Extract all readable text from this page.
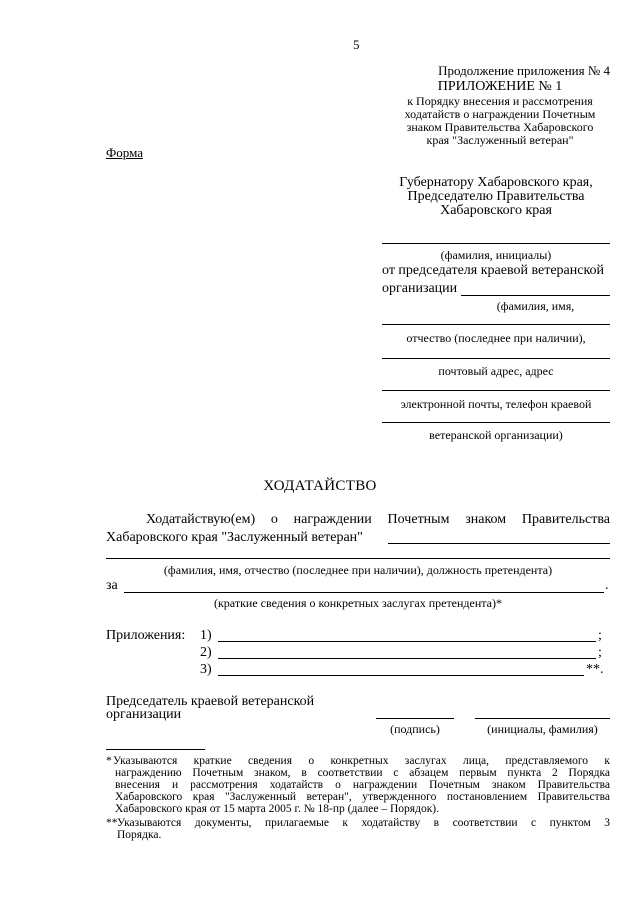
5
Продолжение приложения № 4
ПРИЛОЖЕНИЕ № 1
к Порядку внесения и рассмотрения
ходатайств о награждении Почетным
знаком Правительства Хабаровского
края "Заслуженный ветеран"
Форма
Губернатору Хабаровского края,
Председателю Правительства
Хабаровского края
(фамилия, инициалы)
от председателя краевой ветеранской
организации
(фамилия, имя,
отчество (последнее при наличии),
почтовый адрес, адрес
электронной почты, телефон краевой
ветеранской организации)
ХОДАТАЙСТВО
Ходатайствую(ем) о награждении Почетным знаком Правительства
Хабаровского края "Заслуженный ветеран"
(фамилия, имя, отчество (последнее при наличии), должность претендента)
за	.
(краткие сведения о конкретных заслугах претендента)*
Приложения: 1)	;
2)	;
3)	**.
Председатель краевой ветеранской
организации
(подпись)	(инициалы, фамилия)
* Указываются краткие сведения о конкретных заслугах лица, представляемого к
награждению Почетным знаком, в соответствии с абзацем первым пункта 2 Порядка
внесения и рассмотрения ходатайств о награждении Почетным знаком Правительства
Хабаровского края "Заслуженный ветеран", утвержденного постановлением Правительства
Хабаровского края от 15 марта 2005 г. № 18-пр (далее – Порядок).
** Указываются документы, прилагаемые к ходатайству в соответствии с пунктом 3
Порядка.
